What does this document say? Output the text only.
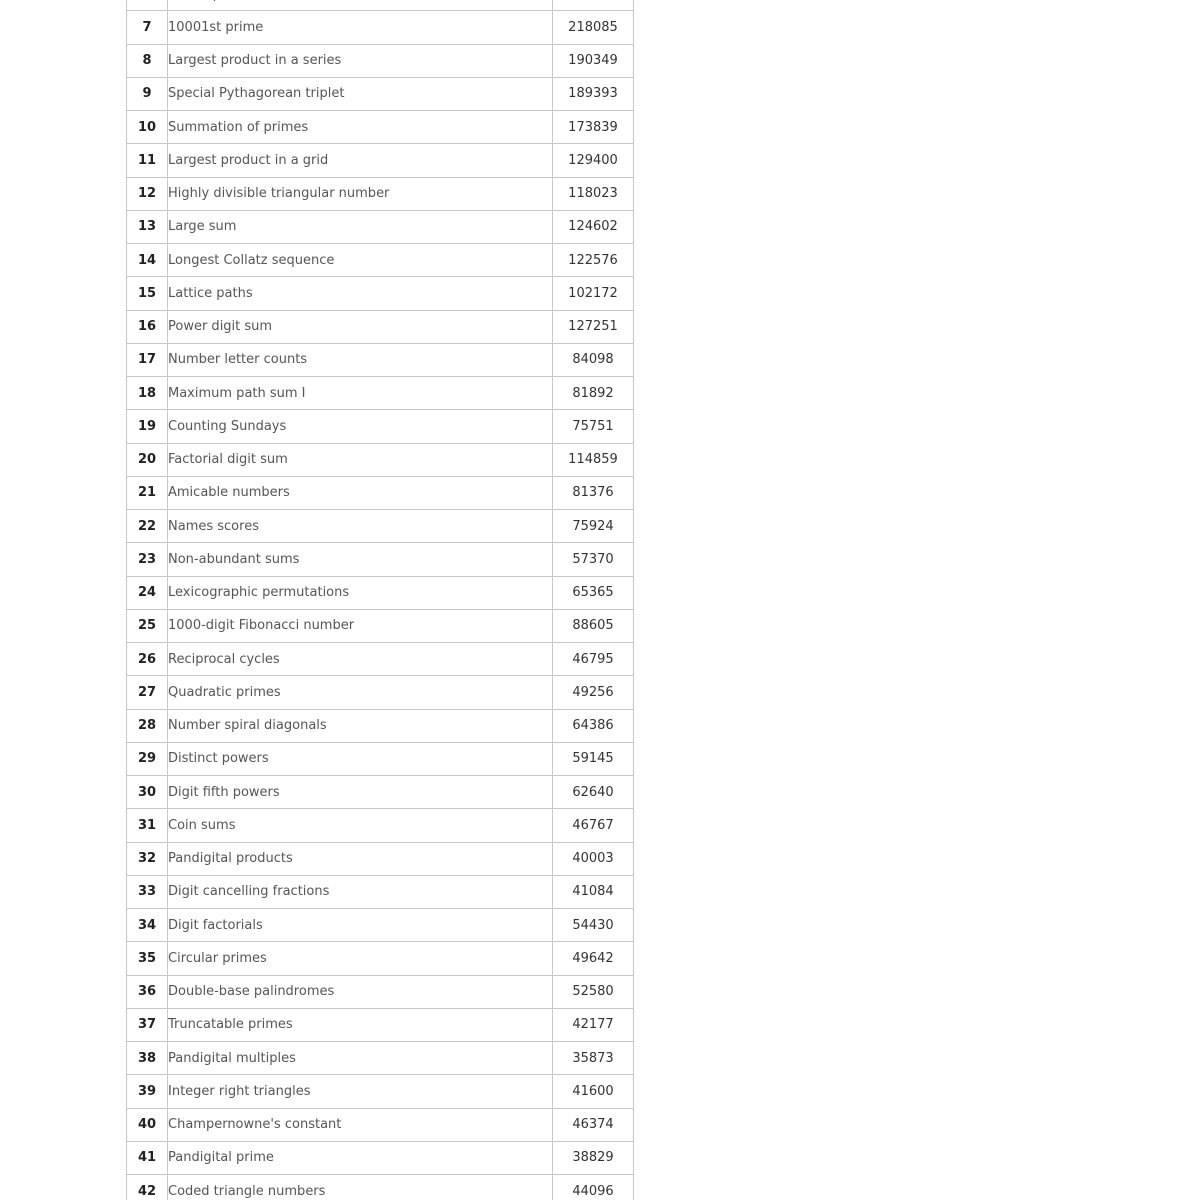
7	10001st prime	218085
8	Largest product in a series	190349
9	Special Pythagorean triplet	189393
10	Summation of primes	173839
11	Largest product in a grid	129400
12	Highly divisible triangular number	118023
13	Large sum	124602
14	Longest Collatz sequence	122576
15	Lattice paths	102172
16	Power digit sum	127251
17	Number letter counts	84098
18	Maximum path sum I	81892
19	Counting Sundays	75751
20	Factorial digit sum	114859
21	Amicable numbers	81376
22	Names scores	75924
23	Non-abundant sums	57370
24	Lexicographic permutations	65365
25	1000-digit Fibonacci number	88605
26	Reciprocal cycles	46795
27	Quadratic primes	49256
28	Number spiral diagonals	64386
29	Distinct powers	59145
30	Digit fifth powers	62640
31	Coin sums	46767
32	Pandigital products	40003
33	Digit cancelling fractions	41084
34	Digit factorials	54430
35	Circular primes	49642
36	Double-base palindromes	52580
37	Truncatable primes	42177
38	Pandigital multiples	35873
39	Integer right triangles	41600
40	Champernowne's constant	46374
41	Pandigital prime	38829
42	Coded triangle numbers	44096
